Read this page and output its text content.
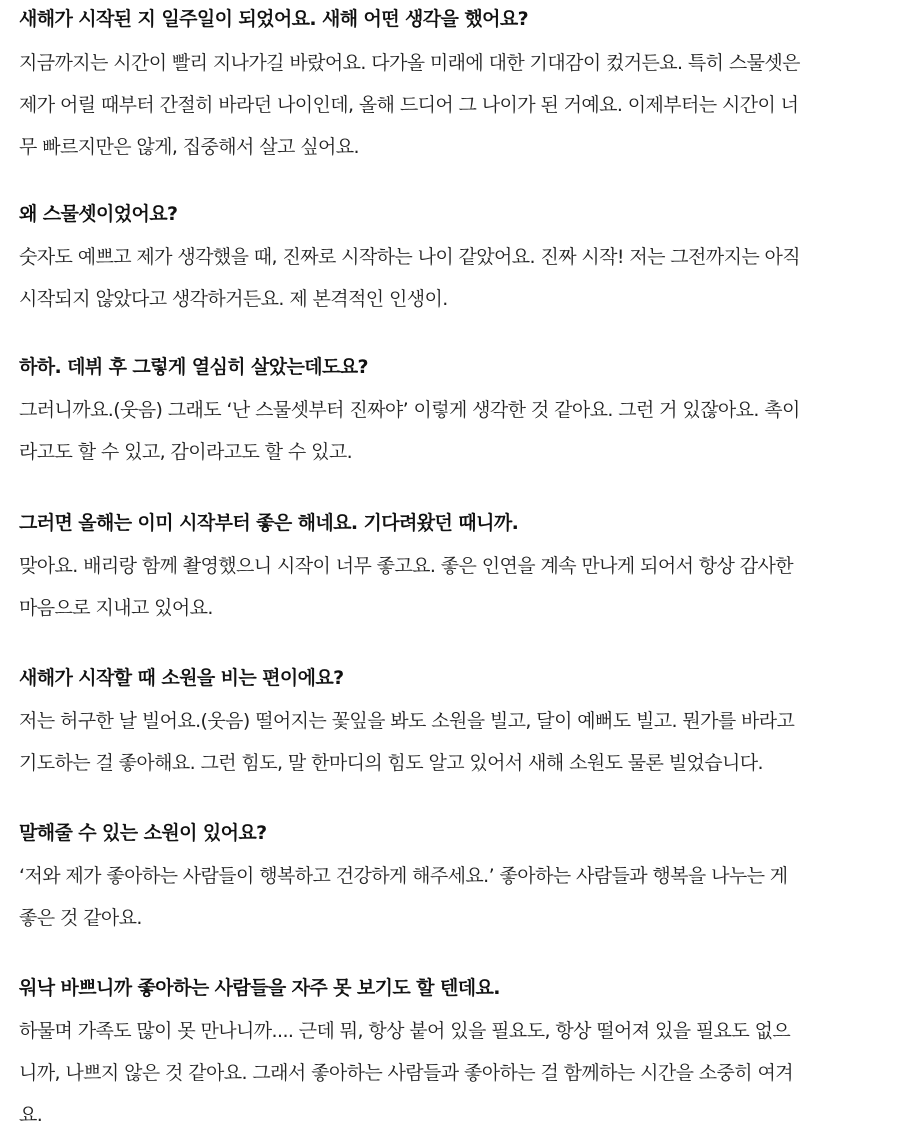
새해가 시작된 지 일주일이 되었어요. 새해 어떤 생각을 했어요?
지금까지는 시간이 빨리 지나가길 바랐어요. 다가올 미래에 대한 기대감이 컸거든요. 특히 스물셋은
제가 어릴 때부터 간절히 바라던 나이인데, 올해 드디어 그 나이가 된 거예요. 이제부터는 시간이 너
무 빠르지만은 않게, 집중해서 살고 싶어요.
왜 스물셋이었어요?
숫자도 예쁘고 제가 생각했을 때, 진짜로 시작하는 나이 같았어요. 진짜 시작! 저는 그전까지는 아직
시작되지 않았다고 생각하거든요. 제 본격적인 인생이.
하하. 데뷔 후 그렇게 열심히 살았는데도요?
그러니까요.(웃음) 그래도 ‘난 스물셋부터 진짜야’ 이렇게 생각한 것 같아요. 그런 거 있잖아요. 촉이
라고도 할 수 있고, 감이라고도 할 수 있고.
그러면 올해는 이미 시작부터 좋은 해네요. 기다려왔던 때니까.
맞아요. 배리랑 함께 촬영했으니 시작이 너무 좋고요. 좋은 인연을 계속 만나게 되어서 항상 감사한
마음으로 지내고 있어요.
새해가 시작할 때 소원을 비는 편이에요?
저는 허구한 날 빌어요.(웃음) 떨어지는 꽃잎을 봐도 소원을 빌고, 달이 예뻐도 빌고. 뭔가를 바라고
기도하는 걸 좋아해요. 그런 힘도, 말 한마디의 힘도 알고 있어서 새해 소원도 물론 빌었습니다.
말해줄 수 있는 소원이 있어요?
‘저와 제가 좋아하는 사람들이 행복하고 건강하게 해주세요.’ 좋아하는 사람들과 행복을 나누는 게
좋은 것 같아요.
워낙 바쁘니까 좋아하는 사람들을 자주 못 보기도 할 텐데요.
하물며 가족도 많이 못 만나니까.... 근데 뭐, 항상 붙어 있을 필요도, 항상 떨어져 있을 필요도 없으
니까, 나쁘지 않은 것 같아요. 그래서 좋아하는 사람들과 좋아하는 걸 함께하는 시간을 소중히 여겨
요.
